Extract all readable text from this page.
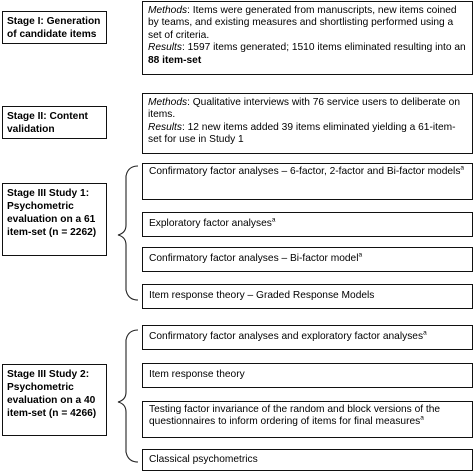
Stage I: Generation of candidate items
Methods: Items were generated from manuscripts, new items coined by teams, and existing measures and shortlisting performed using a set of criteria.
Results: 1597 items generated; 1510 items eliminated resulting into an 88 item-set
Stage II: Content validation
Methods: Qualitative interviews with 76 service users to deliberate on items.
Results: 12 new items added 39 items eliminated yielding a 61-item-set for use in Study 1
Stage III Study 1: Psychometric evaluation on a 61 item-set (n = 2262)
Confirmatory factor analyses – 6-factor, 2-factor and Bi-factor models$^a$
Exploratory factor analyses$^a$
Confirmatory factor analyses – Bi-factor model$^a$
Item response theory – Graded Response Models
Stage III Study 2: Psychometric evaluation on a 40 item-set (n = 4266)
Confirmatory factor analyses and exploratory factor analyses$^a$
Item response theory
Testing factor invariance of the random and block versions of the questionnaires to inform ordering of items for final measures$^a$
Classical psychometrics
